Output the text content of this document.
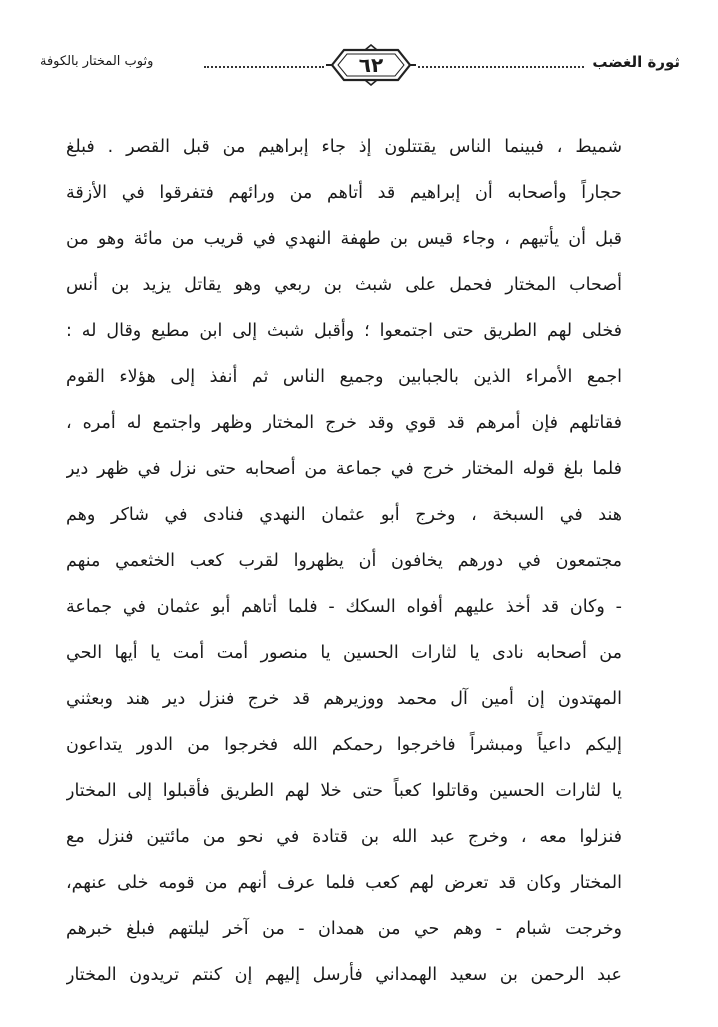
ثورة الغضب
٦٢
وثوب المختار بالكوفة
شميط ، فبينما الناس يقتتلون إذ جاء إبراهيم من قبل القصر . فبلغ
حجاراً وأصحابه أن إبراهيم قد أتاهم من ورائهم فتفرقوا في الأزقة
قبل أن يأتيهم ، وجاء قيس بن طهفة النهدي في قريب من مائة وهو من
أصحاب المختار فحمل على شبث بن ربعي وهو يقاتل يزيد بن أنس
فخلى لهم الطريق حتى اجتمعوا ؛ وأقبل شبث إلى ابن مطيع وقال له :
اجمع الأمراء الذين بالجبابين وجميع الناس ثم أنفذ إلى هؤلاء القوم
فقاتلهم فإن أمرهم قد قوي وقد خرج المختار وظهر واجتمع له أمره ،
فلما بلغ قوله المختار خرج في جماعة من أصحابه حتى نزل في ظهر دير
هند في السبخة ، وخرج أبو عثمان النهدي فنادى في شاكر وهم
مجتمعون في دورهم يخافون أن يظهروا لقرب كعب الخثعمي منهم
- وكان قد أخذ عليهم أفواه السكك - فلما أتاهم أبو عثمان في جماعة
من أصحابه نادى يا لثارات الحسين يا منصور أمت أمت يا أيها الحي
المهتدون إن أمين آل محمد ووزيرهم قد خرج فنزل دير هند وبعثني
إليكم داعياً ومبشراً فاخرجوا رحمكم الله فخرجوا من الدور يتداعون
يا لثارات الحسين وقاتلوا كعباً حتى خلا لهم الطريق فأقبلوا إلى المختار
فنزلوا معه ، وخرج عبد الله بن قتادة في نحو من مائتين فنزل مع
المختار وكان قد تعرض لهم كعب فلما عرف أنهم من قومه خلى عنهم،
وخرجت شبام - وهم حي من همدان - من آخر ليلتهم فبلغ خبرهم
عبد الرحمن بن سعيد الهمداني فأرسل إليهم إن كنتم تريدون المختار
